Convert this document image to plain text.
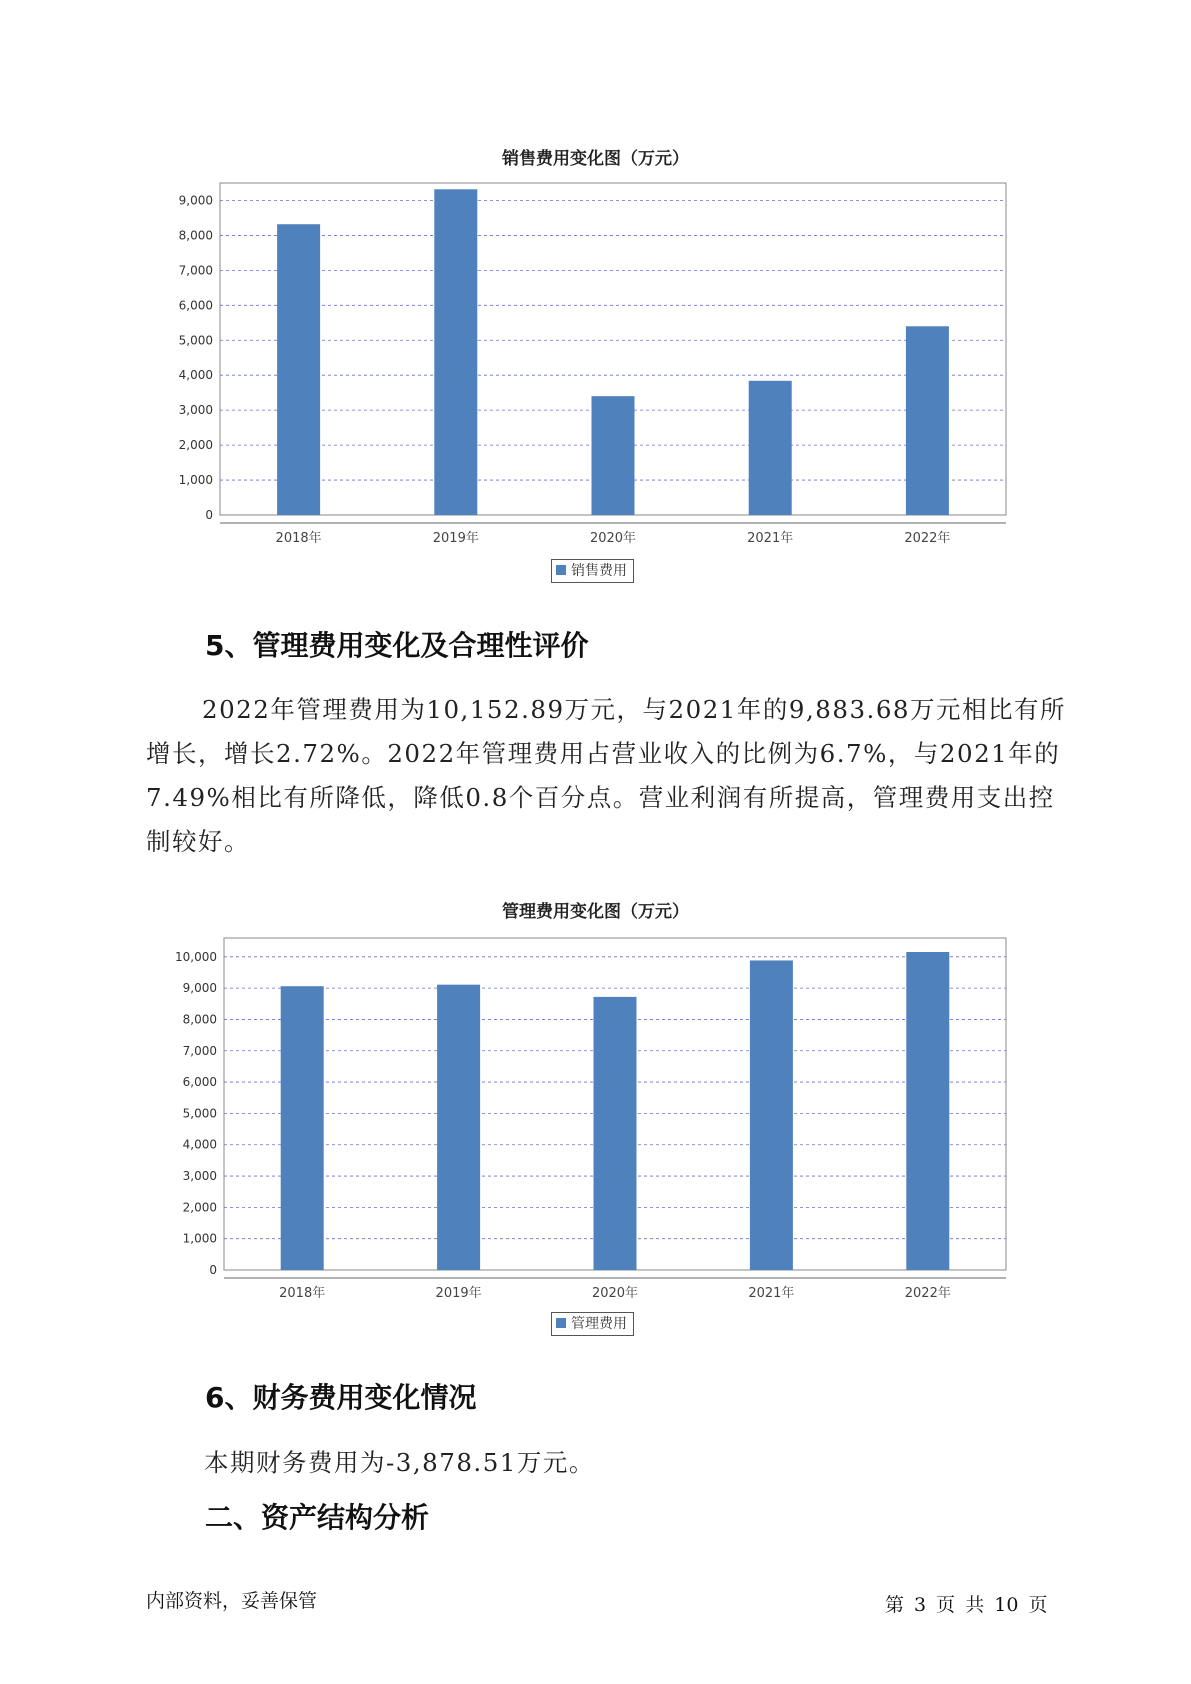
销售费用变化图（万元）
0
1,000
2,000
3,000
4,000
5,000
6,000
7,000
8,000
9,000
2018年	2019年	2020年	2021年	2022年
销售费用
5、管理费用变化及合理性评价
2022年管理费用为10,152.89万元，与2021年的9,883.68万元相比有所增长，增长2.72%。2022年管理费用占营业收入的比例为6.7%，与2021年的7.49%相比有所降低，降低0.8个百分点。营业利润有所提高，管理费用支出控制较好。
管理费用变化图（万元）
0
1,000
2,000
3,000
4,000
5,000
6,000
7,000
8,000
9,000
10,000
2018年	2019年	2020年	2021年	2022年
管理费用
6、财务费用变化情况
本期财务费用为-3,878.51万元。
二、资产结构分析
内部资料，妥善保管	第 3 页 共 10 页
